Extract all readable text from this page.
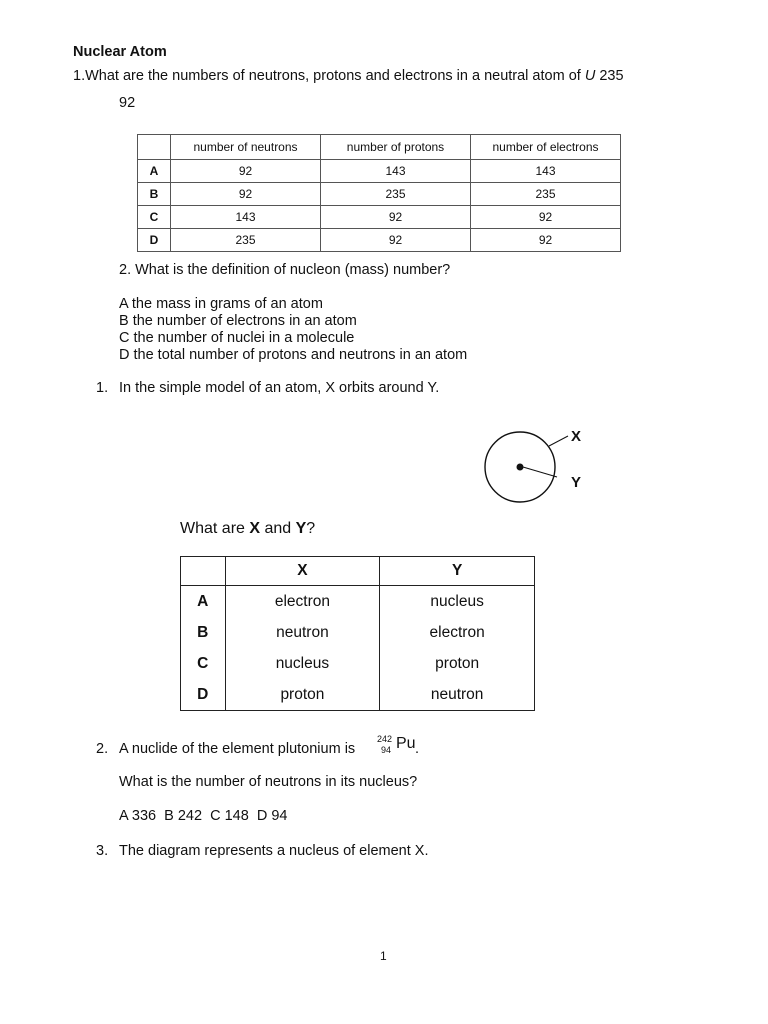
Nuclear Atom
1.What are the numbers of neutrons, protons and electrons in a neutral atom of U 235
92
	number of neutrons	number of protons	number of electrons
A	92	143	143
B	92	235	235
C	143	92	92
D	235	92	92
2. What is the definition of nucleon (mass) number?
A the mass in grams of an atom
B the number of electrons in an atom
C the number of nuclei in a molecule
D the total number of protons and neutrons in an atom
1. In the simple model of an atom, X orbits around Y.
X
Y
What are X and Y?
	X	Y
A	electron	nucleus
B	neutron	electron
C	nucleus	proton
D	proton	neutron
2. A nuclide of the element plutonium is
242
94 Pu .
What is the number of neutrons in its nucleus?
A 336  B 242  C 148  D 94
3. The diagram represents a nucleus of element X.
1
